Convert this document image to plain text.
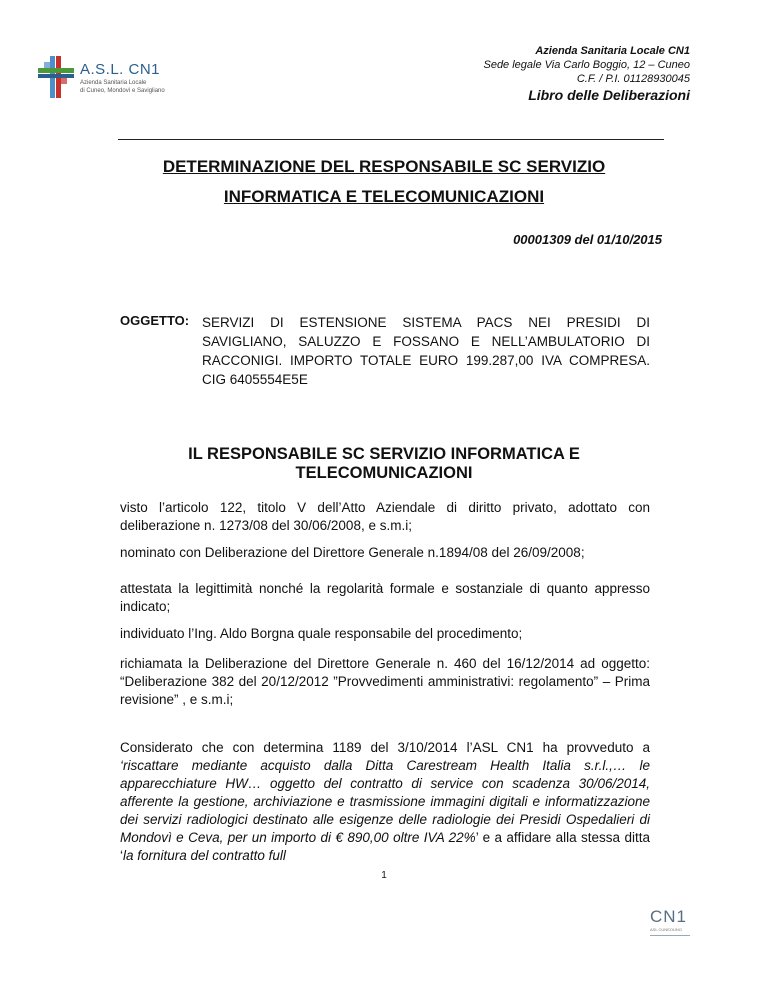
A.S.L. CN1
Azienda Sanitaria Locale
di Cuneo, Mondovì e Savigliano
Azienda Sanitaria Locale CN1
Sede legale Via Carlo Boggio, 12 – Cuneo
C.F. / P.I. 01128930045
Libro delle Deliberazioni
DETERMINAZIONE DEL RESPONSABILE SC SERVIZIO
INFORMATICA E TELECOMUNICAZIONI
00001309 del 01/10/2015
OGGETTO: SERVIZI DI ESTENSIONE SISTEMA PACS NEI PRESIDI DI SAVIGLIANO, SALUZZO E FOSSANO E NELL’AMBULATORIO DI RACCONIGI. IMPORTO TOTALE EURO 199.287,00 IVA COMPRESA. CIG 6405554E5E
IL RESPONSABILE SC SERVIZIO INFORMATICA E
TELECOMUNICAZIONI
visto l’articolo 122, titolo V dell’Atto Aziendale di diritto privato, adottato con deliberazione n. 1273/08 del 30/06/2008, e s.m.i;
nominato con Deliberazione del Direttore Generale n.1894/08 del 26/09/2008;
attestata la legittimità nonché la regolarità formale e sostanziale di quanto appresso indicato;
individuato l’Ing. Aldo Borgna quale responsabile del procedimento;
richiamata la Deliberazione del Direttore Generale n. 460 del 16/12/2014 ad oggetto: “Deliberazione 382 del 20/12/2012 ”Provvedimenti amministrativi: regolamento” – Prima revisione” , e s.m.i;
Considerato che con determina 1189 del 3/10/2014 l’ASL CN1 ha provveduto a ‘riscattare mediante acquisto dalla Ditta Carestream Health Italia s.r.l.,… le apparecchiature HW… oggetto del contratto di service con scadenza 30/06/2014, afferente la gestione, archiviazione e trasmissione immagini digitali e informatizzazione dei servizi radiologici destinato alle esigenze delle radiologie dei Presidi Ospedalieri di Mondovì e Ceva, per un importo di € 890,00 oltre IVA 22%’ e a affidare alla stessa ditta ‘la fornitura del contratto full
1
CN1
ASL CUNEOUNO
